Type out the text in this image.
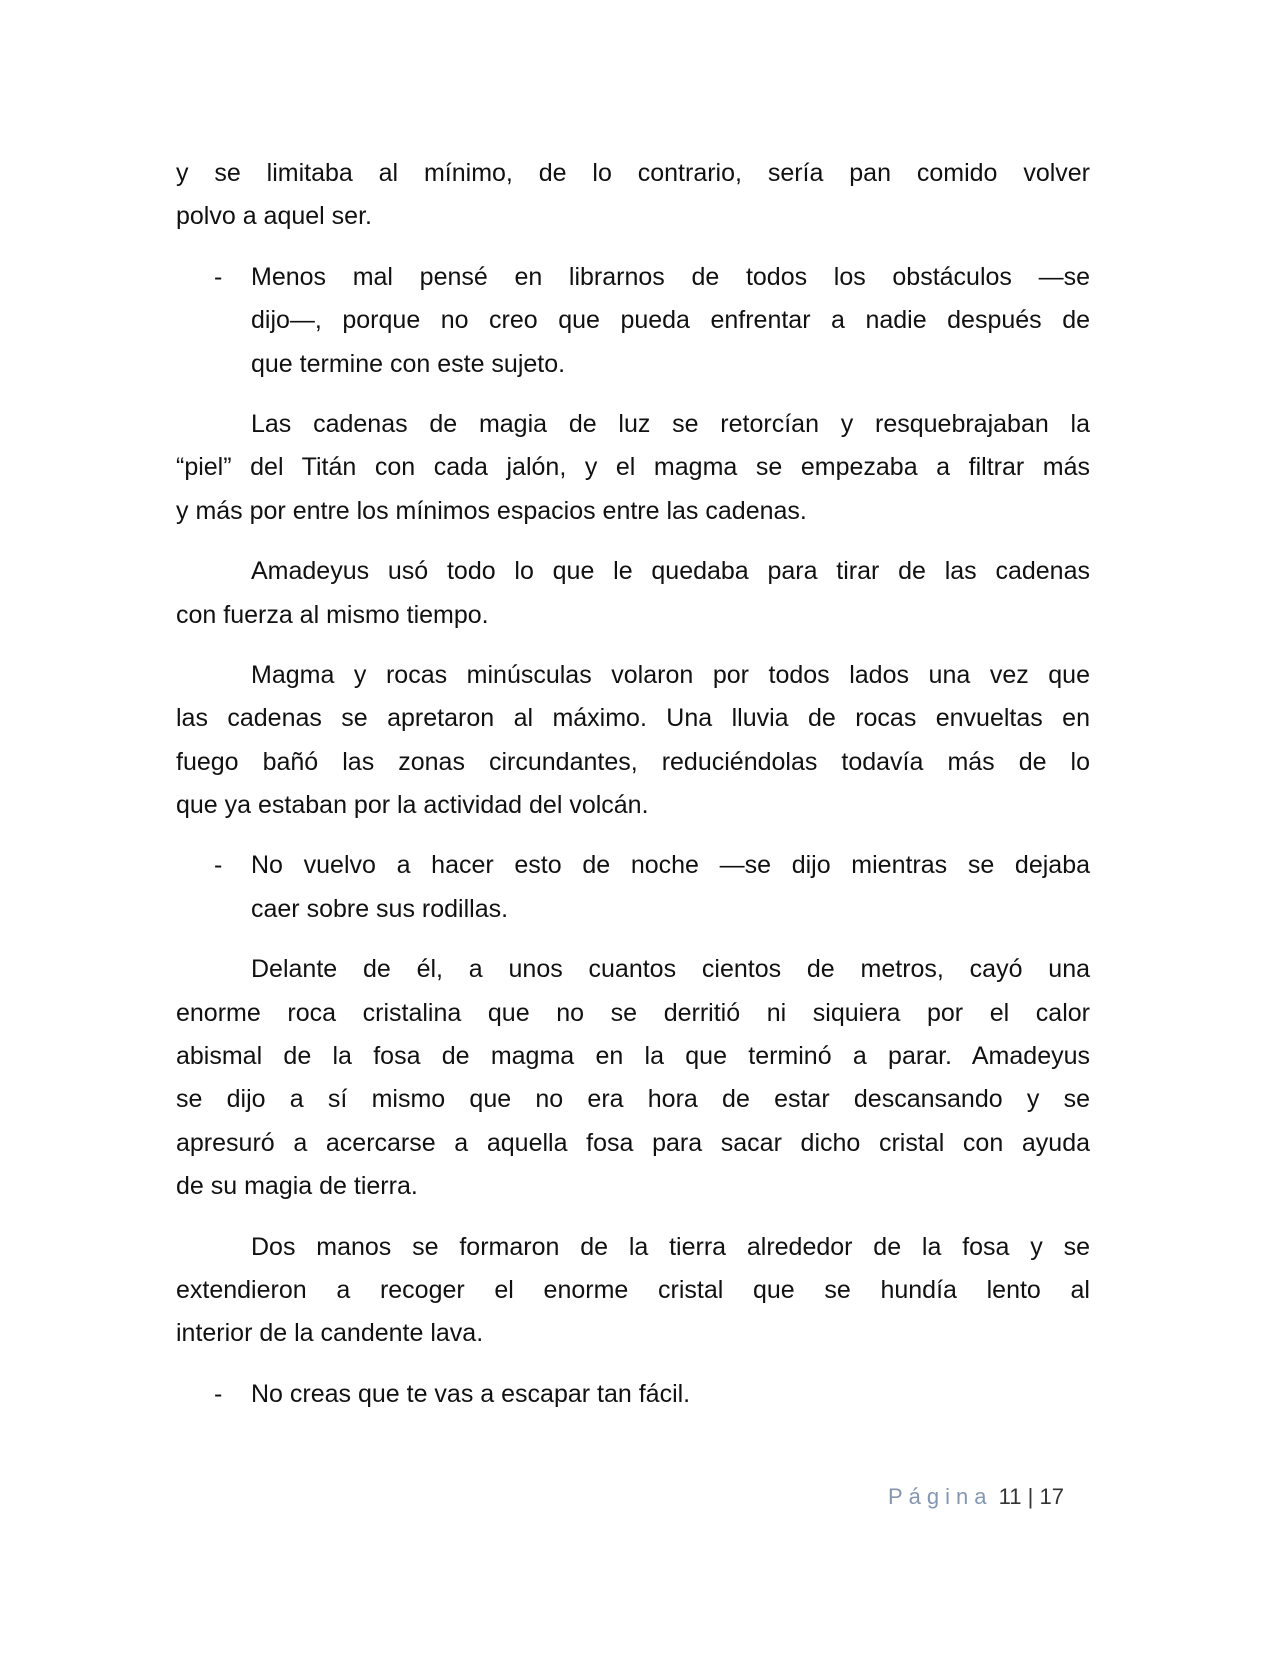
y se limitaba al mínimo, de lo contrario, sería pan comido volver
polvo a aquel ser.
- Menos mal pensé en librarnos de todos los obstáculos —se
dijo—, porque no creo que pueda enfrentar a nadie después de
que termine con este sujeto.
Las cadenas de magia de luz se retorcían y resquebrajaban la
“piel” del Titán con cada jalón, y el magma se empezaba a filtrar más
y más por entre los mínimos espacios entre las cadenas.
Amadeyus usó todo lo que le quedaba para tirar de las cadenas
con fuerza al mismo tiempo.
Magma y rocas minúsculas volaron por todos lados una vez que
las cadenas se apretaron al máximo. Una lluvia de rocas envueltas en
fuego bañó las zonas circundantes, reduciéndolas todavía más de lo
que ya estaban por la actividad del volcán.
- No vuelvo a hacer esto de noche —se dijo mientras se dejaba
caer sobre sus rodillas.
Delante de él, a unos cuantos cientos de metros, cayó una
enorme roca cristalina que no se derritió ni siquiera por el calor
abismal de la fosa de magma en la que terminó a parar. Amadeyus
se dijo a sí mismo que no era hora de estar descansando y se
apresuró a acercarse a aquella fosa para sacar dicho cristal con ayuda
de su magia de tierra.
Dos manos se formaron de la tierra alrededor de la fosa y se
extendieron a recoger el enorme cristal que se hundía lento al
interior de la candente lava.
- No creas que te vas a escapar tan fácil.
Página 11 | 17
